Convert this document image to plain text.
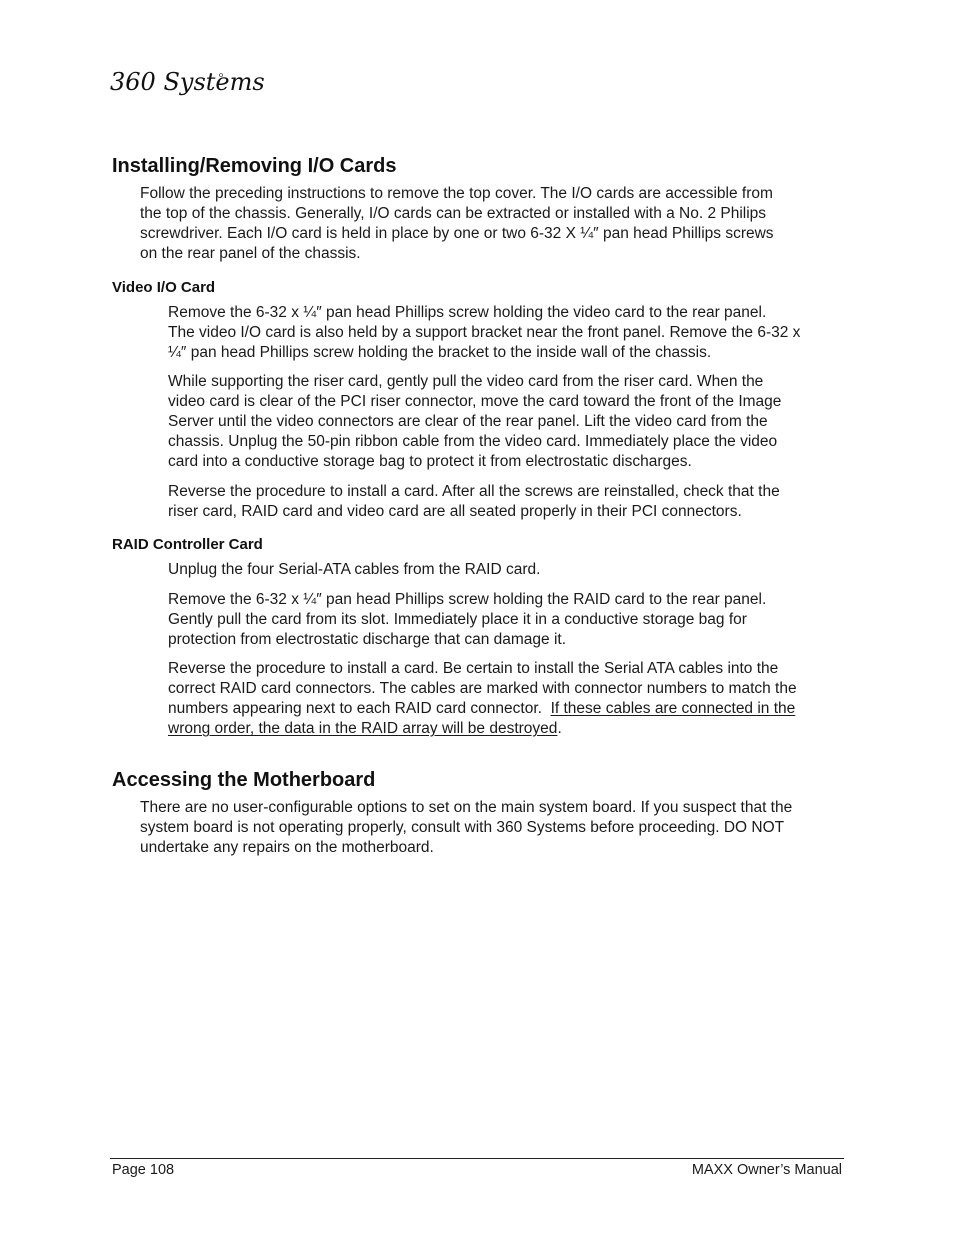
360 Systems
Installing/Removing I/O Cards

Follow the preceding instructions to remove the top cover. The I/O cards are accessible from
the top of the chassis. Generally, I/O cards can be extracted or installed with a No. 2 Philips
screwdriver. Each I/O card is held in place by one or two 6-32 X ¼″ pan head Phillips screws
on the rear panel of the chassis.

Video I/O Card

Remove the 6-32 x ¼″ pan head Phillips screw holding the video card to the rear panel.
The video I/O card is also held by a support bracket near the front panel. Remove the 6-32 x
¼″ pan head Phillips screw holding the bracket to the inside wall of the chassis.

While supporting the riser card, gently pull the video card from the riser card. When the
video card is clear of the PCI riser connector, move the card toward the front of the Image
Server until the video connectors are clear of the rear panel. Lift the video card from the
chassis. Unplug the 50-pin ribbon cable from the video card. Immediately place the video
card into a conductive storage bag to protect it from electrostatic discharges.

Reverse the procedure to install a card. After all the screws are reinstalled, check that the
riser card, RAID card and video card are all seated properly in their PCI connectors.

RAID Controller Card

Unplug the four Serial-ATA cables from the RAID card.

Remove the 6-32 x ¼″ pan head Phillips screw holding the RAID card to the rear panel.
Gently pull the card from its slot. Immediately place it in a conductive storage bag for
protection from electrostatic discharge that can damage it.

Reverse the procedure to install a card. Be certain to install the Serial ATA cables into the
correct RAID card connectors. The cables are marked with connector numbers to match the
numbers appearing next to each RAID card connector.  If these cables are connected in the
wrong order, the data in the RAID array will be destroyed.

Accessing the Motherboard

There are no user-configurable options to set on the main system board. If you suspect that the
system board is not operating properly, consult with 360 Systems before proceeding. DO NOT
undertake any repairs on the motherboard.

Page 108	MAXX Owner’s Manual
